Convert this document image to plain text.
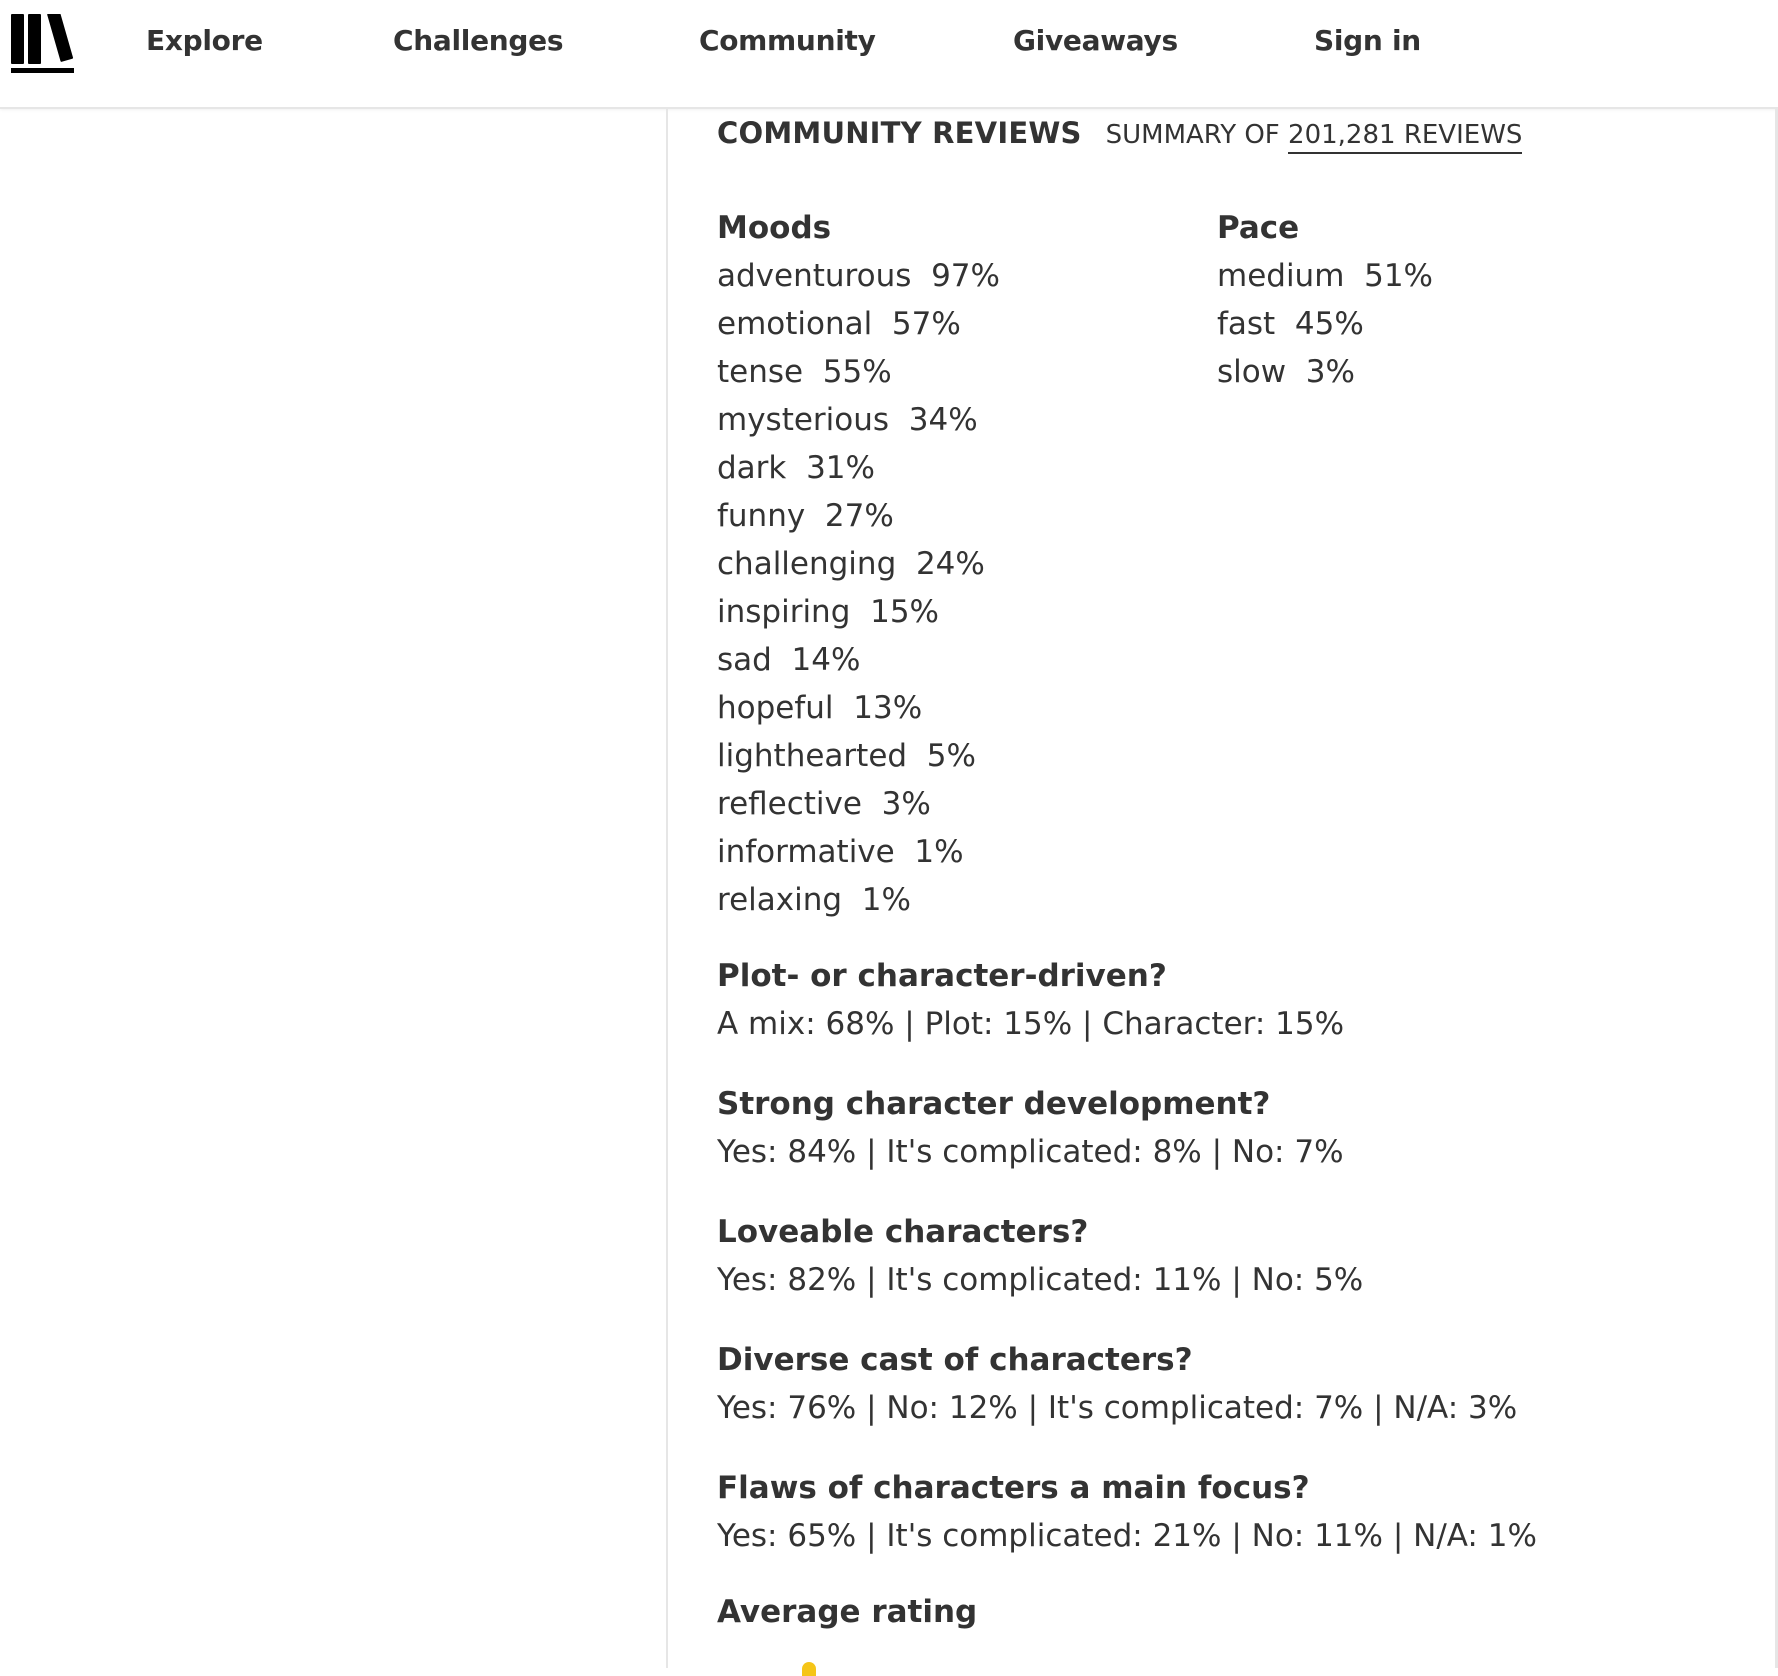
Explore	Challenges	Community	Giveaways	Sign in
COMMUNITY REVIEWS SUMMARY OF 201,281 REVIEWS
Moods
adventurous  97%
emotional  57%
tense  55%
mysterious  34%
dark  31%
funny  27%
challenging  24%
inspiring  15%
sad  14%
hopeful  13%
lighthearted  5%
reflective  3%
informative  1%
relaxing  1%
Pace
medium  51%
fast  45%
slow  3%
Plot- or character-driven?
A mix: 68% | Plot: 15% | Character: 15%
Strong character development?
Yes: 84% | It's complicated: 8% | No: 7%
Loveable characters?
Yes: 82% | It's complicated: 11% | No: 5%
Diverse cast of characters?
Yes: 76% | No: 12% | It's complicated: 7% | N/A: 3%
Flaws of characters a main focus?
Yes: 65% | It's complicated: 21% | No: 11% | N/A: 1%
Average rating
